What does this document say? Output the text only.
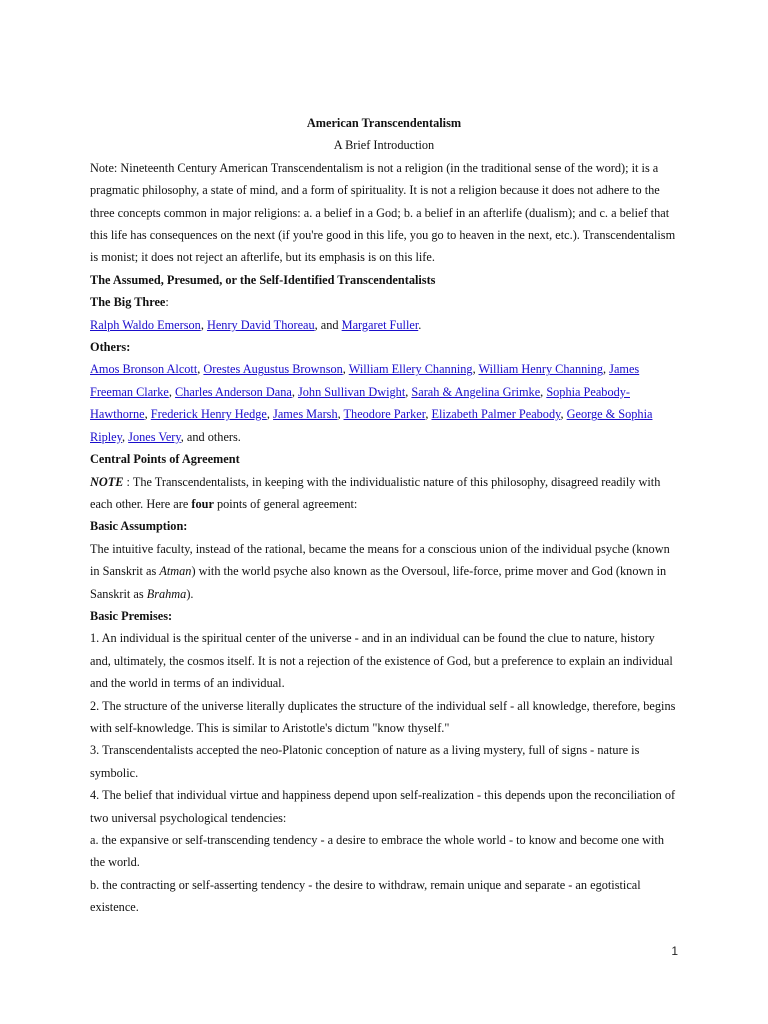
American Transcendentalism

A Brief Introduction

Note: Nineteenth Century American Transcendentalism is not a religion (in the traditional sense of the word); it is a pragmatic philosophy, a state of mind, and a form of spirituality. It is not a religion because it does not adhere to the three concepts common in major religions: a. a belief in a God; b. a belief in an afterlife (dualism); and c. a belief that this life has consequences on the next (if you're good in this life, you go to heaven in the next, etc.). Transcendentalism is monist; it does not reject an afterlife, but its emphasis is on this life.

The Assumed, Presumed, or the Self-Identified Transcendentalists

The Big Three:

Ralph Waldo Emerson, Henry David Thoreau, and Margaret Fuller.

Others:

Amos Bronson Alcott, Orestes Augustus Brownson, William Ellery Channing, William Henry Channing, James Freeman Clarke, Charles Anderson Dana, John Sullivan Dwight, Sarah & Angelina Grimke, Sophia Peabody-Hawthorne, Frederick Henry Hedge, James Marsh, Theodore Parker, Elizabeth Palmer Peabody, George & Sophia Ripley, Jones Very, and others.

Central Points of Agreement

NOTE : The Transcendentalists, in keeping with the individualistic nature of this philosophy, disagreed readily with each other. Here are four points of general agreement:

Basic Assumption:

The intuitive faculty, instead of the rational, became the means for a conscious union of the individual psyche (known in Sanskrit as Atman) with the world psyche also known as the Oversoul, life-force, prime mover and God (known in Sanskrit as Brahma).

Basic Premises:

1. An individual is the spiritual center of the universe - and in an individual can be found the clue to nature, history and, ultimately, the cosmos itself. It is not a rejection of the existence of God, but a preference to explain an individual and the world in terms of an individual.

2. The structure of the universe literally duplicates the structure of the individual self - all knowledge, therefore, begins with self-knowledge. This is similar to Aristotle's dictum "know thyself."

3. Transcendentalists accepted the neo-Platonic conception of nature as a living mystery, full of signs - nature is symbolic.

4. The belief that individual virtue and happiness depend upon self-realization - this depends upon the reconciliation of two universal psychological tendencies:

a. the expansive or self-transcending tendency - a desire to embrace the whole world - to know and become one with the world.

b. the contracting or self-asserting tendency - the desire to withdraw, remain unique and separate - an egotistical existence.

1
